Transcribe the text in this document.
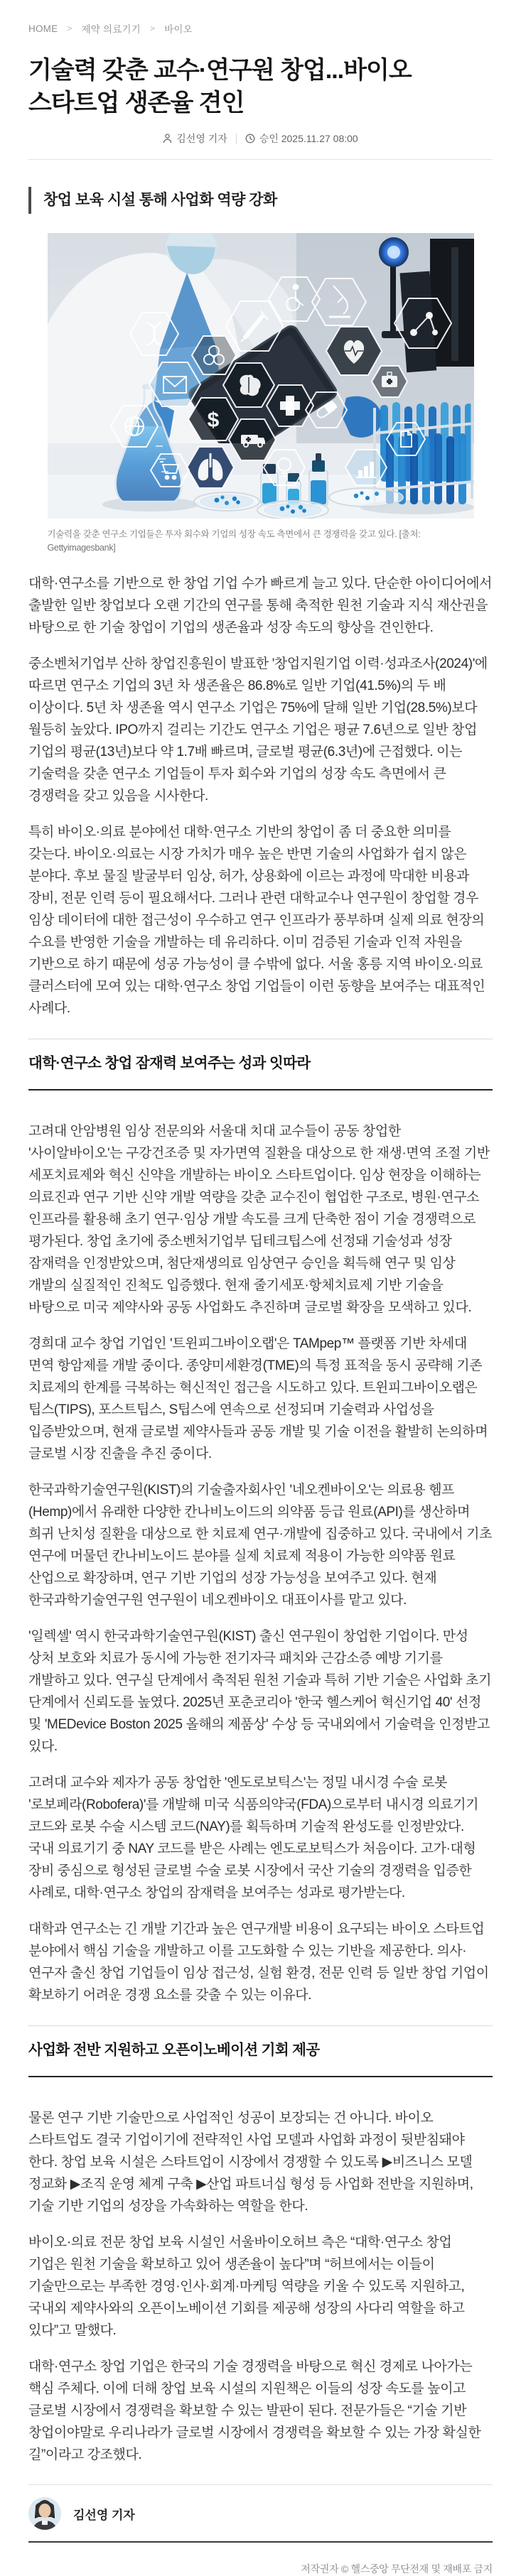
HOME > 제약 의료기기 > 바이오
기술력 갖춘 교수·연구원 창업...바이오 스타트업 생존율 견인
김선영 기자	승인 2025.11.27 08:00
창업 보육 시설 통해 사업화 역량 강화
$
기술력을 갖춘 연구소 기업들은 투자 회수와 기업의 성장 속도 측면에서 큰 경쟁력을 갖고 있다. [출처: Gettyimagesbank]

대학·연구소를 기반으로 한 창업 기업 수가 빠르게 늘고 있다. 단순한 아이디어에서 출발한 일반 창업보다 오랜 기간의 연구를 통해 축적한 원천 기술과 지식 재산권을 바탕으로 한 기술 창업이 기업의 생존율과 성장 속도의 향상을 견인한다.

중소벤처기업부 산하 창업진흥원이 발표한 '창업지원기업 이력·성과조사(2024)'에 따르면 연구소 기업의 3년 차 생존율은 86.8%로 일반 기업(41.5%)의 두 배 이상이다. 5년 차 생존율 역시 연구소 기업은 75%에 달해 일반 기업(28.5%)보다 월등히 높았다. IPO까지 걸리는 기간도 연구소 기업은 평균 7.6년으로 일반 창업 기업의 평균(13년)보다 약 1.7배 빠르며, 글로벌 평균(6.3년)에 근접했다. 이는 기술력을 갖춘 연구소 기업들이 투자 회수와 기업의 성장 속도 측면에서 큰 경쟁력을 갖고 있음을 시사한다.

특히 바이오·의료 분야에선 대학·연구소 기반의 창업이 좀 더 중요한 의미를 갖는다. 바이오·의료는 시장 가치가 매우 높은 반면 기술의 사업화가 쉽지 않은 분야다. 후보 물질 발굴부터 임상, 허가, 상용화에 이르는 과정에 막대한 비용과 장비, 전문 인력 등이 필요해서다. 그러나 관련 대학교수나 연구원이 창업할 경우 임상 데이터에 대한 접근성이 우수하고 연구 인프라가 풍부하며 실제 의료 현장의 수요를 반영한 기술을 개발하는 데 유리하다. 이미 검증된 기술과 인적 자원을 기반으로 하기 때문에 성공 가능성이 클 수밖에 없다. 서울 홍릉 지역 바이오·의료 클러스터에 모여 있는 대학·연구소 창업 기업들이 이런 동향을 보여주는 대표적인 사례다.

대학·연구소 창업 잠재력 보여주는 성과 잇따라

고려대 안암병원 임상 전문의와 서울대 치대 교수들이 공동 창업한 '사이알바이오'는 구강건조증 및 자가면역 질환을 대상으로 한 재생·면역 조절 기반 세포치료제와 혁신 신약을 개발하는 바이오 스타트업이다. 임상 현장을 이해하는 의료진과 연구 기반 신약 개발 역량을 갖춘 교수진이 협업한 구조로, 병원·연구소 인프라를 활용해 초기 연구·임상 개발 속도를 크게 단축한 점이 기술 경쟁력으로 평가된다. 창업 초기에 중소벤처기업부 딥테크팁스에 선정돼 기술성과 성장 잠재력을 인정받았으며, 첨단재생의료 임상연구 승인을 획득해 연구 및 임상 개발의 실질적인 진척도 입증했다. 현재 줄기세포·항체치료제 기반 기술을 바탕으로 미국 제약사와 공동 사업화도 추진하며 글로벌 확장을 모색하고 있다.

경희대 교수 창업 기업인 '트윈피그바이오랩'은 TAMpep™ 플랫폼 기반 차세대 면역 항암제를 개발 중이다. 종양미세환경(TME)의 특정 표적을 동시 공략해 기존 치료제의 한계를 극복하는 혁신적인 접근을 시도하고 있다. 트윈피그바이오랩은 팁스(TIPS), 포스트팁스, S팁스에 연속으로 선정되며 기술력과 사업성을 입증받았으며, 현재 글로벌 제약사들과 공동 개발 및 기술 이전을 활발히 논의하며 글로벌 시장 진출을 추진 중이다.

한국과학기술연구원(KIST)의 기술출자회사인 '네오켄바이오'는 의료용 헴프(Hemp)에서 유래한 다양한 칸나비노이드의 의약품 등급 원료(API)를 생산하며 희귀 난치성 질환을 대상으로 한 치료제 연구·개발에 집중하고 있다. 국내에서 기초 연구에 머물던 칸나비노이드 분야를 실제 치료제 적용이 가능한 의약품 원료 산업으로 확장하며, 연구 기반 기업의 성장 가능성을 보여주고 있다. 현재 한국과학기술연구원 연구원이 네오켄바이오 대표이사를 맡고 있다.

'일렉셀' 역시 한국과학기술연구원(KIST) 출신 연구원이 창업한 기업이다. 만성 상처 보호와 치료가 동시에 가능한 전기자극 패치와 근감소증 예방 기기를 개발하고 있다. 연구실 단계에서 축적된 원천 기술과 특허 기반 기술은 사업화 초기 단계에서 신뢰도를 높였다. 2025년 포춘코리아 '한국 헬스케어 혁신기업 40' 선정 및 'MEDevice Boston 2025 올해의 제품상' 수상 등 국내외에서 기술력을 인정받고 있다.

고려대 교수와 제자가 공동 창업한 '엔도로보틱스'는 정밀 내시경 수술 로봇 '로보페라(Robofera)'를 개발해 미국 식품의약국(FDA)으로부터 내시경 의료기기 코드와 로봇 수술 시스템 코드(NAY)를 획득하며 기술적 완성도를 인정받았다. 국내 의료기기 중 NAY 코드를 받은 사례는 엔도로보틱스가 처음이다. 고가·대형 장비 중심으로 형성된 글로벌 수술 로봇 시장에서 국산 기술의 경쟁력을 입증한 사례로, 대학·연구소 창업의 잠재력을 보여주는 성과로 평가받는다.

대학과 연구소는 긴 개발 기간과 높은 연구개발 비용이 요구되는 바이오 스타트업 분야에서 핵심 기술을 개발하고 이를 고도화할 수 있는 기반을 제공한다. 의사·연구자 출신 창업 기업들이 임상 접근성, 실험 환경, 전문 인력 등 일반 창업 기업이 확보하기 어려운 경쟁 요소를 갖출 수 있는 이유다.

사업화 전반 지원하고 오픈이노베이션 기회 제공

물론 연구 기반 기술만으로 사업적인 성공이 보장되는 건 아니다. 바이오 스타트업도 결국 기업이기에 전략적인 사업 모델과 사업화 과정이 뒷받침돼야 한다. 창업 보육 시설은 스타트업이 시장에서 경쟁할 수 있도록 ▶비즈니스 모델 정교화 ▶조직 운영 체계 구축 ▶산업 파트너십 형성 등 사업화 전반을 지원하며, 기술 기반 기업의 성장을 가속화하는 역할을 한다.

바이오·의료 전문 창업 보육 시설인 서울바이오허브 측은 “대학·연구소 창업 기업은 원천 기술을 확보하고 있어 생존율이 높다”며 “허브에서는 이들이 기술만으로는 부족한 경영·인사·회계·마케팅 역량을 키울 수 있도록 지원하고, 국내외 제약사와의 오픈이노베이션 기회를 제공해 성장의 사다리 역할을 하고 있다”고 말했다.

대학·연구소 창업 기업은 한국의 기술 경쟁력을 바탕으로 혁신 경제로 나아가는 핵심 주체다. 이에 더해 창업 보육 시설의 지원책은 이들의 성장 속도를 높이고 글로벌 시장에서 경쟁력을 확보할 수 있는 발판이 된다. 전문가들은 “기술 기반 창업이야말로 우리나라가 글로벌 시장에서 경쟁력을 확보할 수 있는 가장 확실한 길”이라고 강조했다.

김선영 기자
저작권자 © 헬스중앙 무단전재 및 재배포 금지
